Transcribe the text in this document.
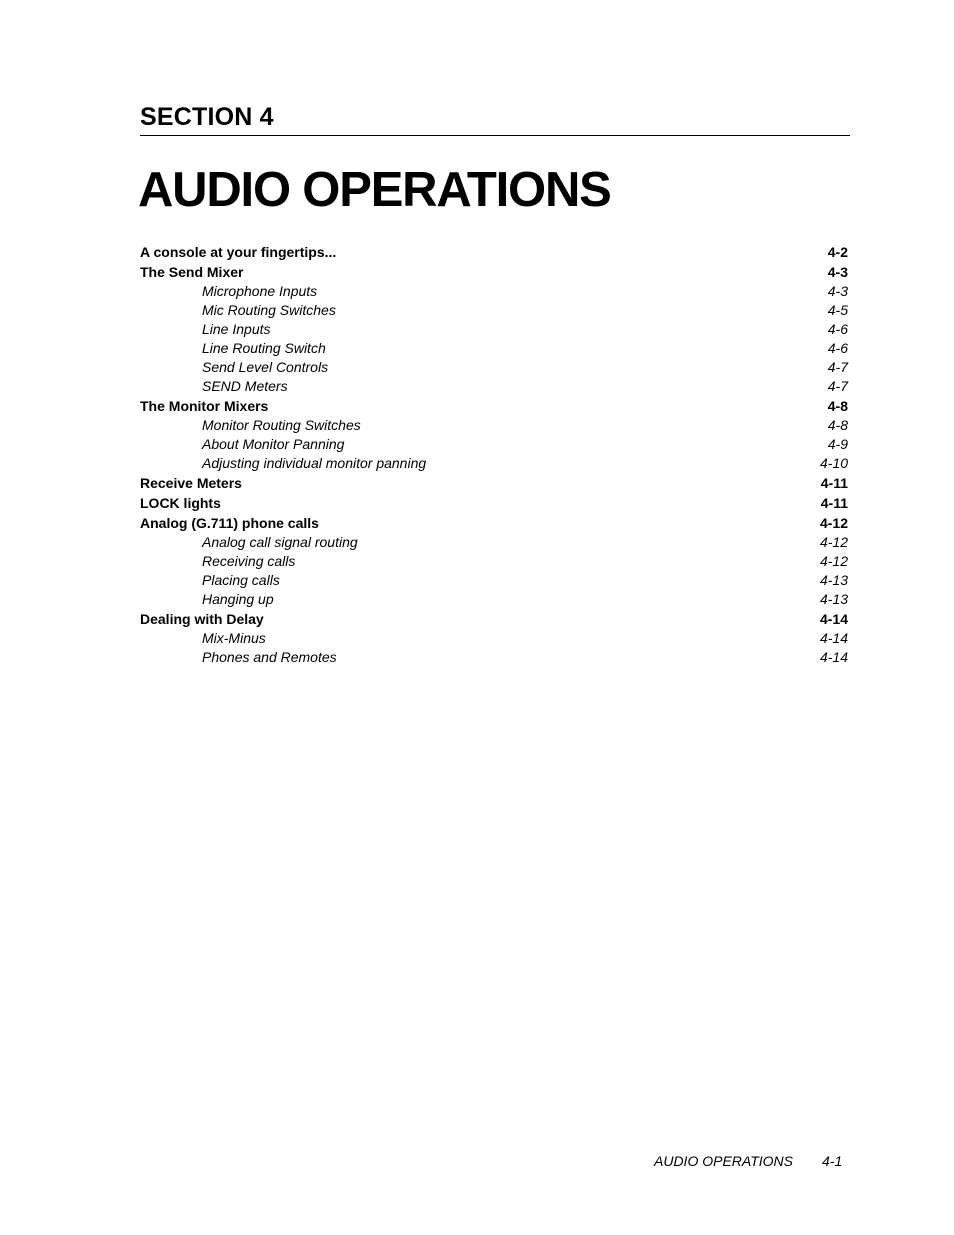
SECTION 4
AUDIO OPERATIONS
A console at your fingertips...	4-2
The Send Mixer	4-3
Microphone Inputs	4-3
Mic Routing Switches	4-5
Line Inputs	4-6
Line Routing Switch	4-6
Send Level Controls	4-7
SEND Meters	4-7
The Monitor Mixers	4-8
Monitor Routing Switches	4-8
About Monitor Panning	4-9
Adjusting individual monitor panning	4-10
Receive Meters	4-11
LOCK lights	4-11
Analog (G.711) phone calls	4-12
Analog call signal routing	4-12
Receiving calls	4-12
Placing calls	4-13
Hanging up	4-13
Dealing with Delay	4-14
Mix-Minus	4-14
Phones and Remotes	4-14
AUDIO OPERATIONS 4-1
